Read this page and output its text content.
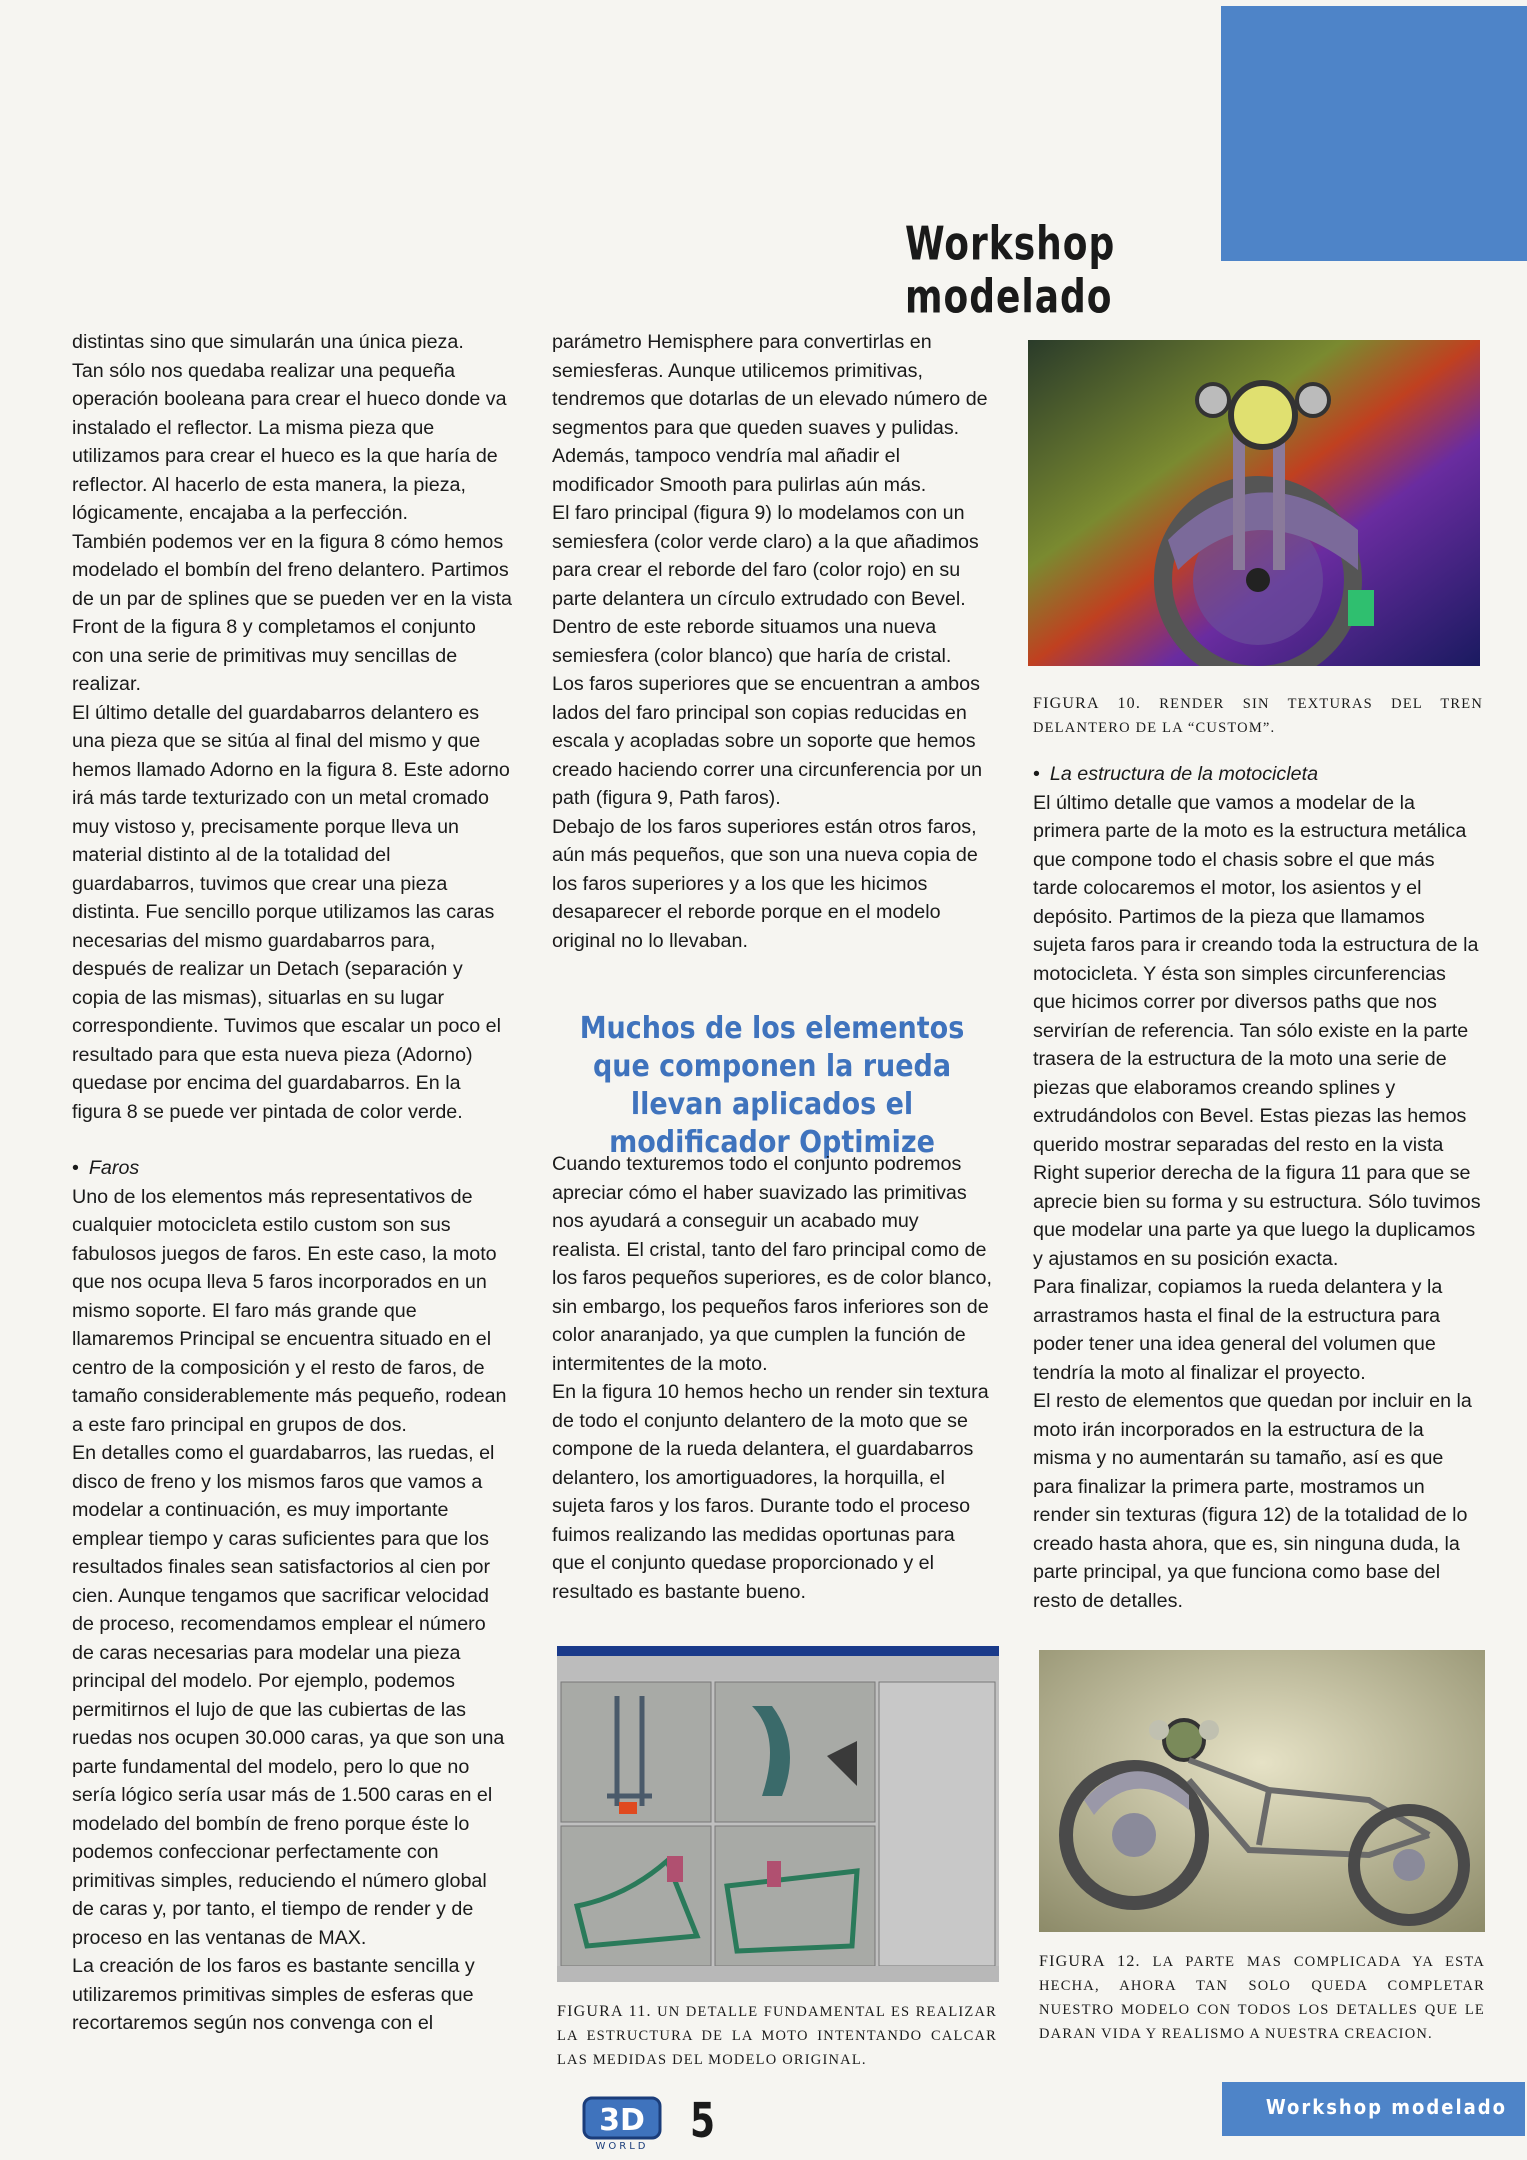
Workshop modelado

distintas sino que simularán una única pieza.

Tan sólo nos quedaba realizar una pequeña operación booleana para crear el hueco donde va instalado el reflector. La misma pieza que utilizamos para crear el hueco es la que haría de reflector. Al hacerlo de esta manera, la pieza, lógicamente, encajaba a la perfección.

También podemos ver en la figura 8 cómo hemos modelado el bombín del freno delantero. Partimos de un par de splines que se pueden ver en la vista Front de la figura 8 y completamos el conjunto con una serie de primitivas muy sencillas de realizar.

El último detalle del guardabarros delantero es una pieza que se sitúa al final del mismo y que hemos llamado Adorno en la figura 8. Este adorno irá más tarde texturizado con un metal cromado muy vistoso y, precisamente porque lleva un material distinto al de la totalidad del guardabarros, tuvimos que crear una pieza distinta. Fue sencillo porque utilizamos las caras necesarias del mismo guardabarros para, después de realizar un Detach (separación y copia de las mismas), situarlas en su lugar correspondiente. Tuvimos que escalar un poco el resultado para que esta nueva pieza (Adorno) quedase por encima del guardabarros. En la figura 8 se puede ver pintada de color verde.

• Faros

Uno de los elementos más representativos de cualquier motocicleta estilo custom son sus fabulosos juegos de faros. En este caso, la moto que nos ocupa lleva 5 faros incorporados en un mismo soporte. El faro más grande que llamaremos Principal se encuentra situado en el centro de la composición y el resto de faros, de tamaño considerablemente más pequeño, rodean a este faro principal en grupos de dos.

En detalles como el guardabarros, las ruedas, el disco de freno y los mismos faros que vamos a modelar a continuación, es muy importante emplear tiempo y caras suficientes para que los resultados finales sean satisfactorios al cien por cien. Aunque tengamos que sacrificar velocidad de proceso, recomendamos emplear el número de caras necesarias para modelar una pieza principal del modelo. Por ejemplo, podemos permitirnos el lujo de que las cubiertas de las ruedas nos ocupen 30.000 caras, ya que son una parte fundamental del modelo, pero lo que no sería lógico sería usar más de 1.500 caras en el modelado del bombín de freno porque éste lo podemos confeccionar perfectamente con primitivas simples, reduciendo el número global de caras y, por tanto, el tiempo de render y de proceso en las ventanas de MAX.

La creación de los faros es bastante sencilla y utilizaremos primitivas simples de esferas que recortaremos según nos convenga con el

parámetro Hemisphere para convertirlas en semiesferas. Aunque utilicemos primitivas, tendremos que dotarlas de un elevado número de segmentos para que queden suaves y pulidas. Además, tampoco vendría mal añadir el modificador Smooth para pulirlas aún más.

El faro principal (figura 9) lo modelamos con un semiesfera (color verde claro) a la que añadimos para crear el reborde del faro (color rojo) en su parte delantera un círculo extrudado con Bevel. Dentro de este reborde situamos una nueva semiesfera (color blanco) que haría de cristal.

Los faros superiores que se encuentran a ambos lados del faro principal son copias reducidas en escala y acopladas sobre un soporte que hemos creado haciendo correr una circunferencia por un path (figura 9, Path faros).

Debajo de los faros superiores están otros faros, aún más pequeños, que son una nueva copia de los faros superiores y a los que les hicimos desaparecer el reborde porque en el modelo original no lo llevaban.

Muchos de los elementos que componen la rueda llevan aplicados el modificador Optimize

Cuando texturemos todo el conjunto podremos apreciar cómo el haber suavizado las primitivas nos ayudará a conseguir un acabado muy realista. El cristal, tanto del faro principal como de los faros pequeños superiores, es de color blanco, sin embargo, los pequeños faros inferiores son de color anaranjado, ya que cumplen la función de intermitentes de la moto.

En la figura 10 hemos hecho un render sin textura de todo el conjunto delantero de la moto que se compone de la rueda delantera, el guardabarros delantero, los amortiguadores, la horquilla, el sujeta faros y los faros. Durante todo el proceso fuimos realizando las medidas oportunas para que el conjunto quedase proporcionado y el resultado es bastante bueno.

FIGURA 10. RENDER SIN TEXTURAS DEL TREN DELANTERO DE LA “CUSTOM”.

• La estructura de la motocicleta

El último detalle que vamos a modelar de la primera parte de la moto es la estructura metálica que compone todo el chasis sobre el que más tarde colocaremos el motor, los asientos y el depósito. Partimos de la pieza que llamamos sujeta faros para ir creando toda la estructura de la motocicleta. Y ésta son simples circunferencias que hicimos correr por diversos paths que nos servirían de referencia. Tan sólo existe en la parte trasera de la estructura de la moto una serie de piezas que elaboramos creando splines y extrudándolos con Bevel. Estas piezas las hemos querido mostrar separadas del resto en la vista Right superior derecha de la figura 11 para que se aprecie bien su forma y su estructura. Sólo tuvimos que modelar una parte ya que luego la duplicamos y ajustamos en su posición exacta.

Para finalizar, copiamos la rueda delantera y la arrastramos hasta el final de la estructura para poder tener una idea general del volumen que tendría la moto al finalizar el proyecto.

El resto de elementos que quedan por incluir en la moto irán incorporados en la estructura de la misma y no aumentarán su tamaño, así es que para finalizar la primera parte, mostramos un render sin texturas (figura 12) de la totalidad de lo creado hasta ahora, que es, sin ninguna duda, la parte principal, ya que funciona como base del resto de detalles.

FIGURA 11. UN DETALLE FUNDAMENTAL ES REALIZAR LA ESTRUCTURA DE LA MOTO INTENTANDO CALCAR LAS MEDIDAS DEL MODELO ORIGINAL.
FIGURA 12. LA PARTE MAS COMPLICADA YA ESTA HECHA, AHORA TAN SOLO QUEDA COMPLETAR NUESTRO MODELO CON TODOS LOS DETALLES QUE LE DARAN VIDA Y REALISMO A NUESTRA CREACION.
3D
WORLD 5	Workshop modelado
